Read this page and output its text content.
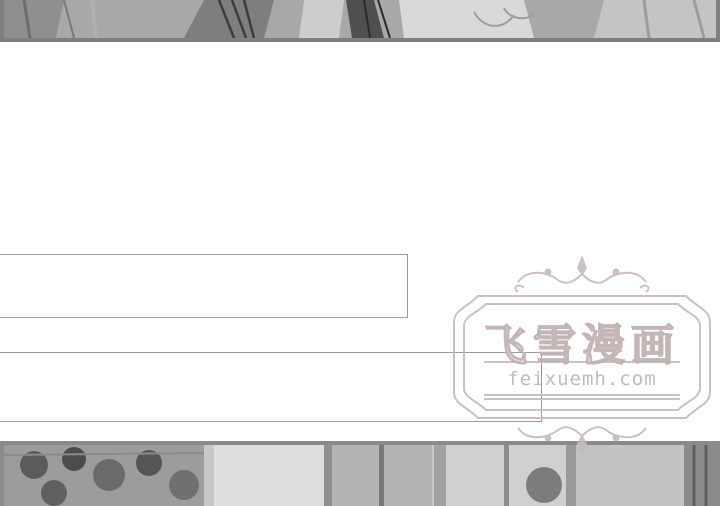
飞雪漫画
feixuemh.com
